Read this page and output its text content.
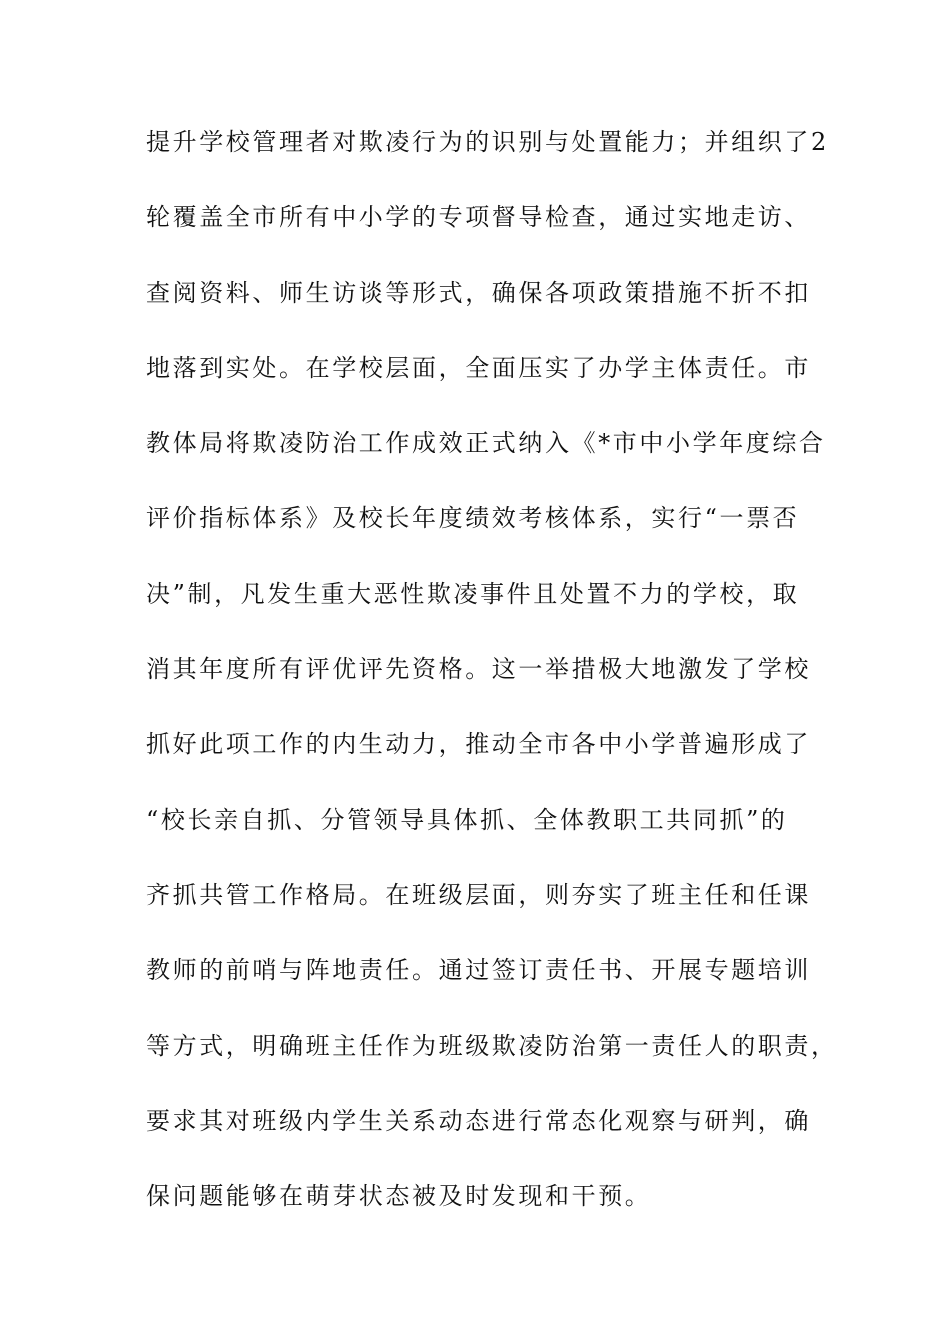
提升学校管理者对欺凌行为的识别与处置能力；并组织了2
轮覆盖全市所有中小学的专项督导检查，通过实地走访、
查阅资料、师生访谈等形式，确保各项政策措施不折不扣
地落到实处。在学校层面，全面压实了办学主体责任。市
教体局将欺凌防治工作成效正式纳入《*市中小学年度综合
评价指标体系》及校长年度绩效考核体系，实行“一票否
决”制，凡发生重大恶性欺凌事件且处置不力的学校，取
消其年度所有评优评先资格。这一举措极大地激发了学校
抓好此项工作的内生动力，推动全市各中小学普遍形成了
“校长亲自抓、分管领导具体抓、全体教职工共同抓”的
齐抓共管工作格局。在班级层面，则夯实了班主任和任课
教师的前哨与阵地责任。通过签订责任书、开展专题培训
等方式，明确班主任作为班级欺凌防治第一责任人的职责，
要求其对班级内学生关系动态进行常态化观察与研判，确
保问题能够在萌芽状态被及时发现和干预。
